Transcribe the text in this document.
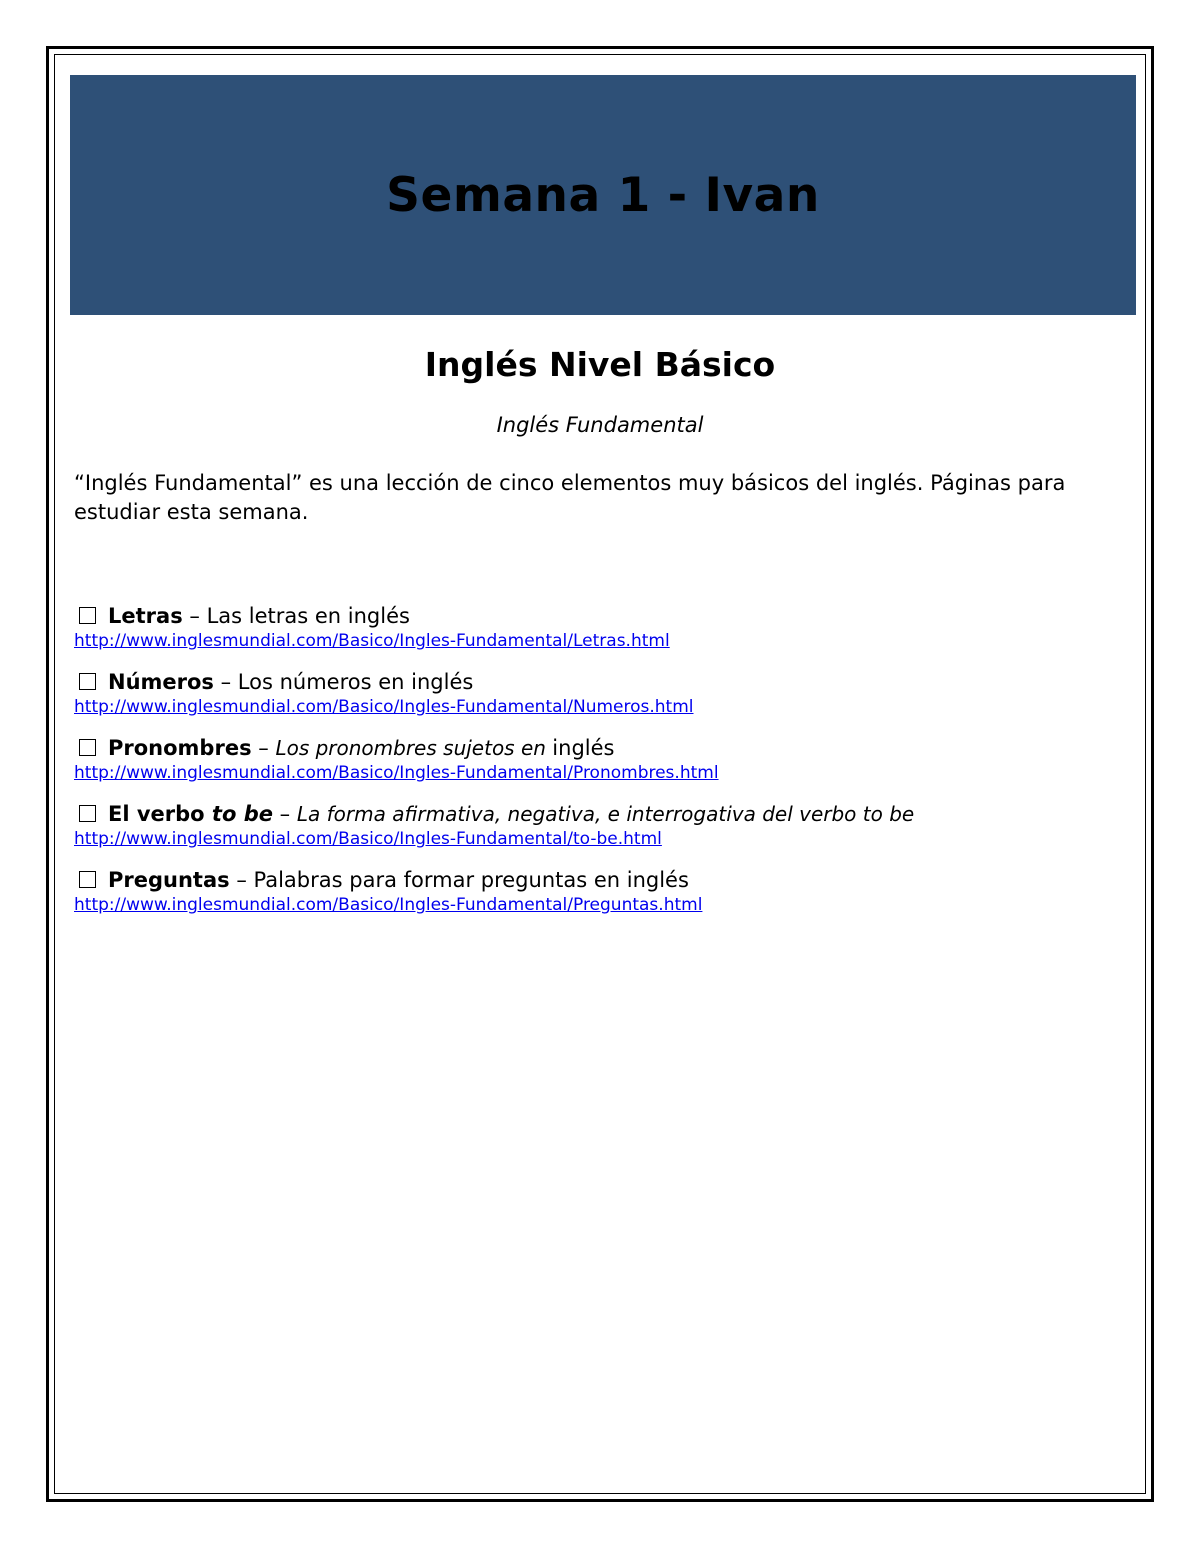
Semana 1 - Ivan
Inglés Nivel Básico

Inglés Fundamental

“Inglés Fundamental” es una lección de cinco elementos muy básicos del inglés. Páginas para estudiar esta semana.

Letras – Las letras en inglés
http://www.inglesmundial.com/Basico/Ingles-Fundamental/Letras.html
Números – Los números en inglés
http://www.inglesmundial.com/Basico/Ingles-Fundamental/Numeros.html
Pronombres – Los pronombres sujetos en inglés
http://www.inglesmundial.com/Basico/Ingles-Fundamental/Pronombres.html
El verbo to be – La forma afirmativa, negativa, e interrogativa del verbo to be
http://www.inglesmundial.com/Basico/Ingles-Fundamental/to-be.html
Preguntas – Palabras para formar preguntas en inglés
http://www.inglesmundial.com/Basico/Ingles-Fundamental/Preguntas.html
